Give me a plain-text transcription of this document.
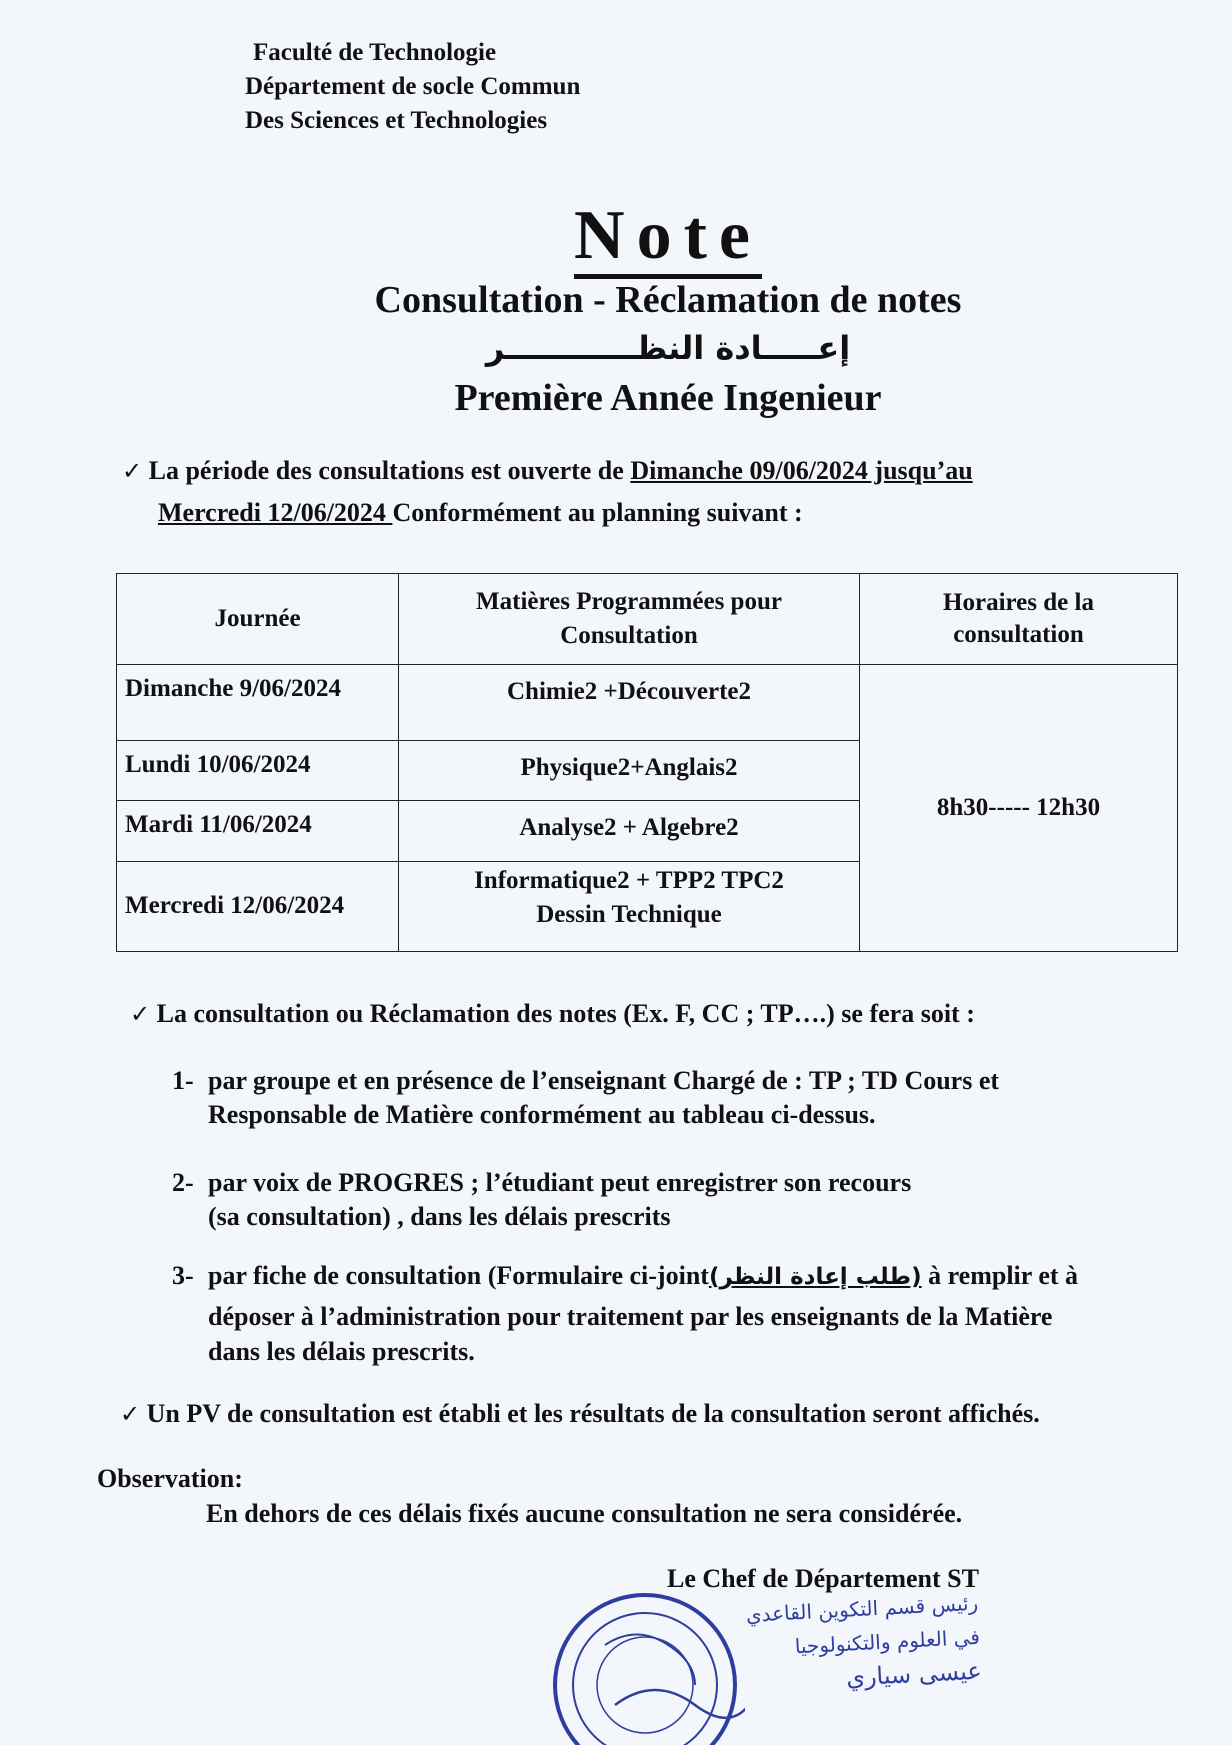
Faculté de Technologie
Département de socle Commun
Des Sciences et Technologies
Note
Consultation - Réclamation de notes
إعـــــادة النظــــــــــــر
Première Année Ingenieur
✓ La période des consultations est ouverte de Dimanche 09/06/2024 jusqu’au
Mercredi 12/06/2024 Conformément au planning suivant :
Journée	Matières Programmées pour Consultation	Horaires de la consultation

Dimanche 9/06/2024	Chimie2 +Découverte2	8h30----- 12h30
Lundi 10/06/2024	Physique2+Anglais2	
Mardi 11/06/2024	Analyse2 + Algebre2	
Mercredi 12/06/2024	Informatique2 + TPP2 TPC2
Dessin Technique	
✓ La consultation ou Réclamation des notes (Ex. F, CC ; TP….) se fera soit :
1- par groupe et en présence de l’enseignant Chargé de : TP ; TD Cours et
Responsable de Matière conformément au tableau ci-dessus.
2- par voix de PROGRES ; l’étudiant peut enregistrer son recours
(sa consultation) , dans les délais prescrits
3- par fiche de consultation (Formulaire ci-joint(طلب إعادة النظر) à remplir et à
déposer à l’administration pour traitement par les enseignants de la Matière
dans les délais prescrits.
✓ Un PV de consultation est établi et les résultats de la consultation seront affichés.
Observation:
En dehors de ces délais fixés aucune consultation ne sera considérée.
Le Chef de Département ST
رئيس قسم التكوين القاعدي
في العلوم والتكنولوجيا
عيسى سياري
